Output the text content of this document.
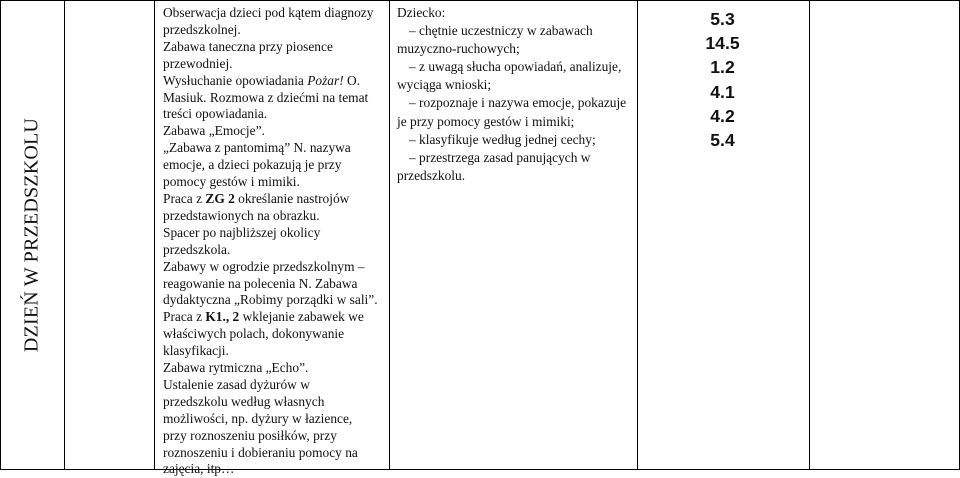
DZIEŃ W PRZEDSZKOLU

Obserwacja dzieci pod kątem diagnozy

przedszkolnej.

Zabawa taneczna przy piosence

przewodniej.

Wysłuchanie opowiadania Pożar! O.

Masiuk. Rozmowa z dziećmi na temat

treści opowiadania.

Zabawa „Emocje”.

„Zabawa z pantomimą” N. nazywa

emocje, a dzieci pokazują je przy

pomocy gestów i mimiki.

Praca z ZG 2 określanie nastrojów

przedstawionych na obrazku.

Spacer po najbliższej okolicy

przedszkola.

Zabawy w ogrodzie przedszkolnym –

reagowanie na polecenia N. Zabawa

dydaktyczna „Robimy porządki w sali”.

Praca z K1., 2 wklejanie zabawek we

właściwych polach, dokonywanie

klasyfikacji.

Zabawa rytmiczna „Echo”.

Ustalenie zasad dyżurów w

przedszkolu według własnych

możliwości, np. dyżury w łazience,

przy roznoszeniu posiłków, przy

roznoszeniu i dobieraniu pomocy na

zajęcia, itp…

Dziecko:

– chętnie uczestniczy w zabawach

muzyczno-ruchowych;

– z uwagą słucha opowiadań, analizuje,

wyciąga wnioski;

– rozpoznaje i nazywa emocje, pokazuje

je przy pomocy gestów i mimiki;

– klasyfikuje według jednej cechy;

– przestrzega zasad panujących w

przedszkolu.

5.3
14.5
1.2
4.1
4.2
5.4
